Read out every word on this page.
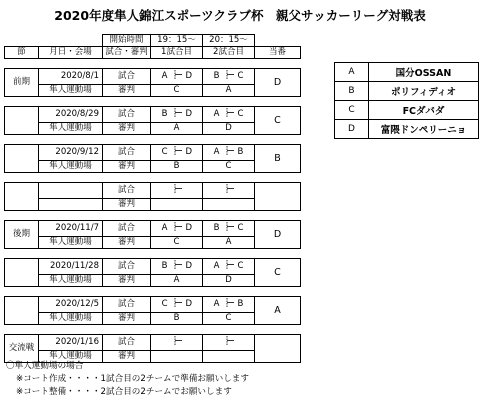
2020年度隼人錦江スポーツクラブ杯　親父サッカーリーグ対戦表
		開始時間	19：15～			20：15～			
節	月日・会場	試合・審判	1試合目			2試合目			当番

前期	2020/8/1	試合	A		D	B		C	D
	隼人運動場	審判	C			A			

	2020/8/29	試合	B		D	A		C	C
	隼人運動場	審判	A			D			

	2020/9/12	試合	C		D	A		B	B
	隼人運動場	審判	B			C			

		試合							
		審判							

後期	2020/11/7	試合	A		D	B		C	D
	隼人運動場	審判	C			A			

	2020/11/28	試合	B		D	A		C	C
	隼人運動場	審判	A			D			

	2020/12/5	試合	C		D	A		B	A
	隼人運動場	審判	B			C			

交流戦	2020/1/16	試合							
	隼人運動場	審判							
A	国分OSSAN
B	ポリフィディオ
C	FCダバダ
D	富隈ドンペリーニョ
〇隼人運動場の場合
※コート作成・・・・1試合目の2チームで準備お願いします
※コート整備・・・・2試合目の2チームでお願いします
